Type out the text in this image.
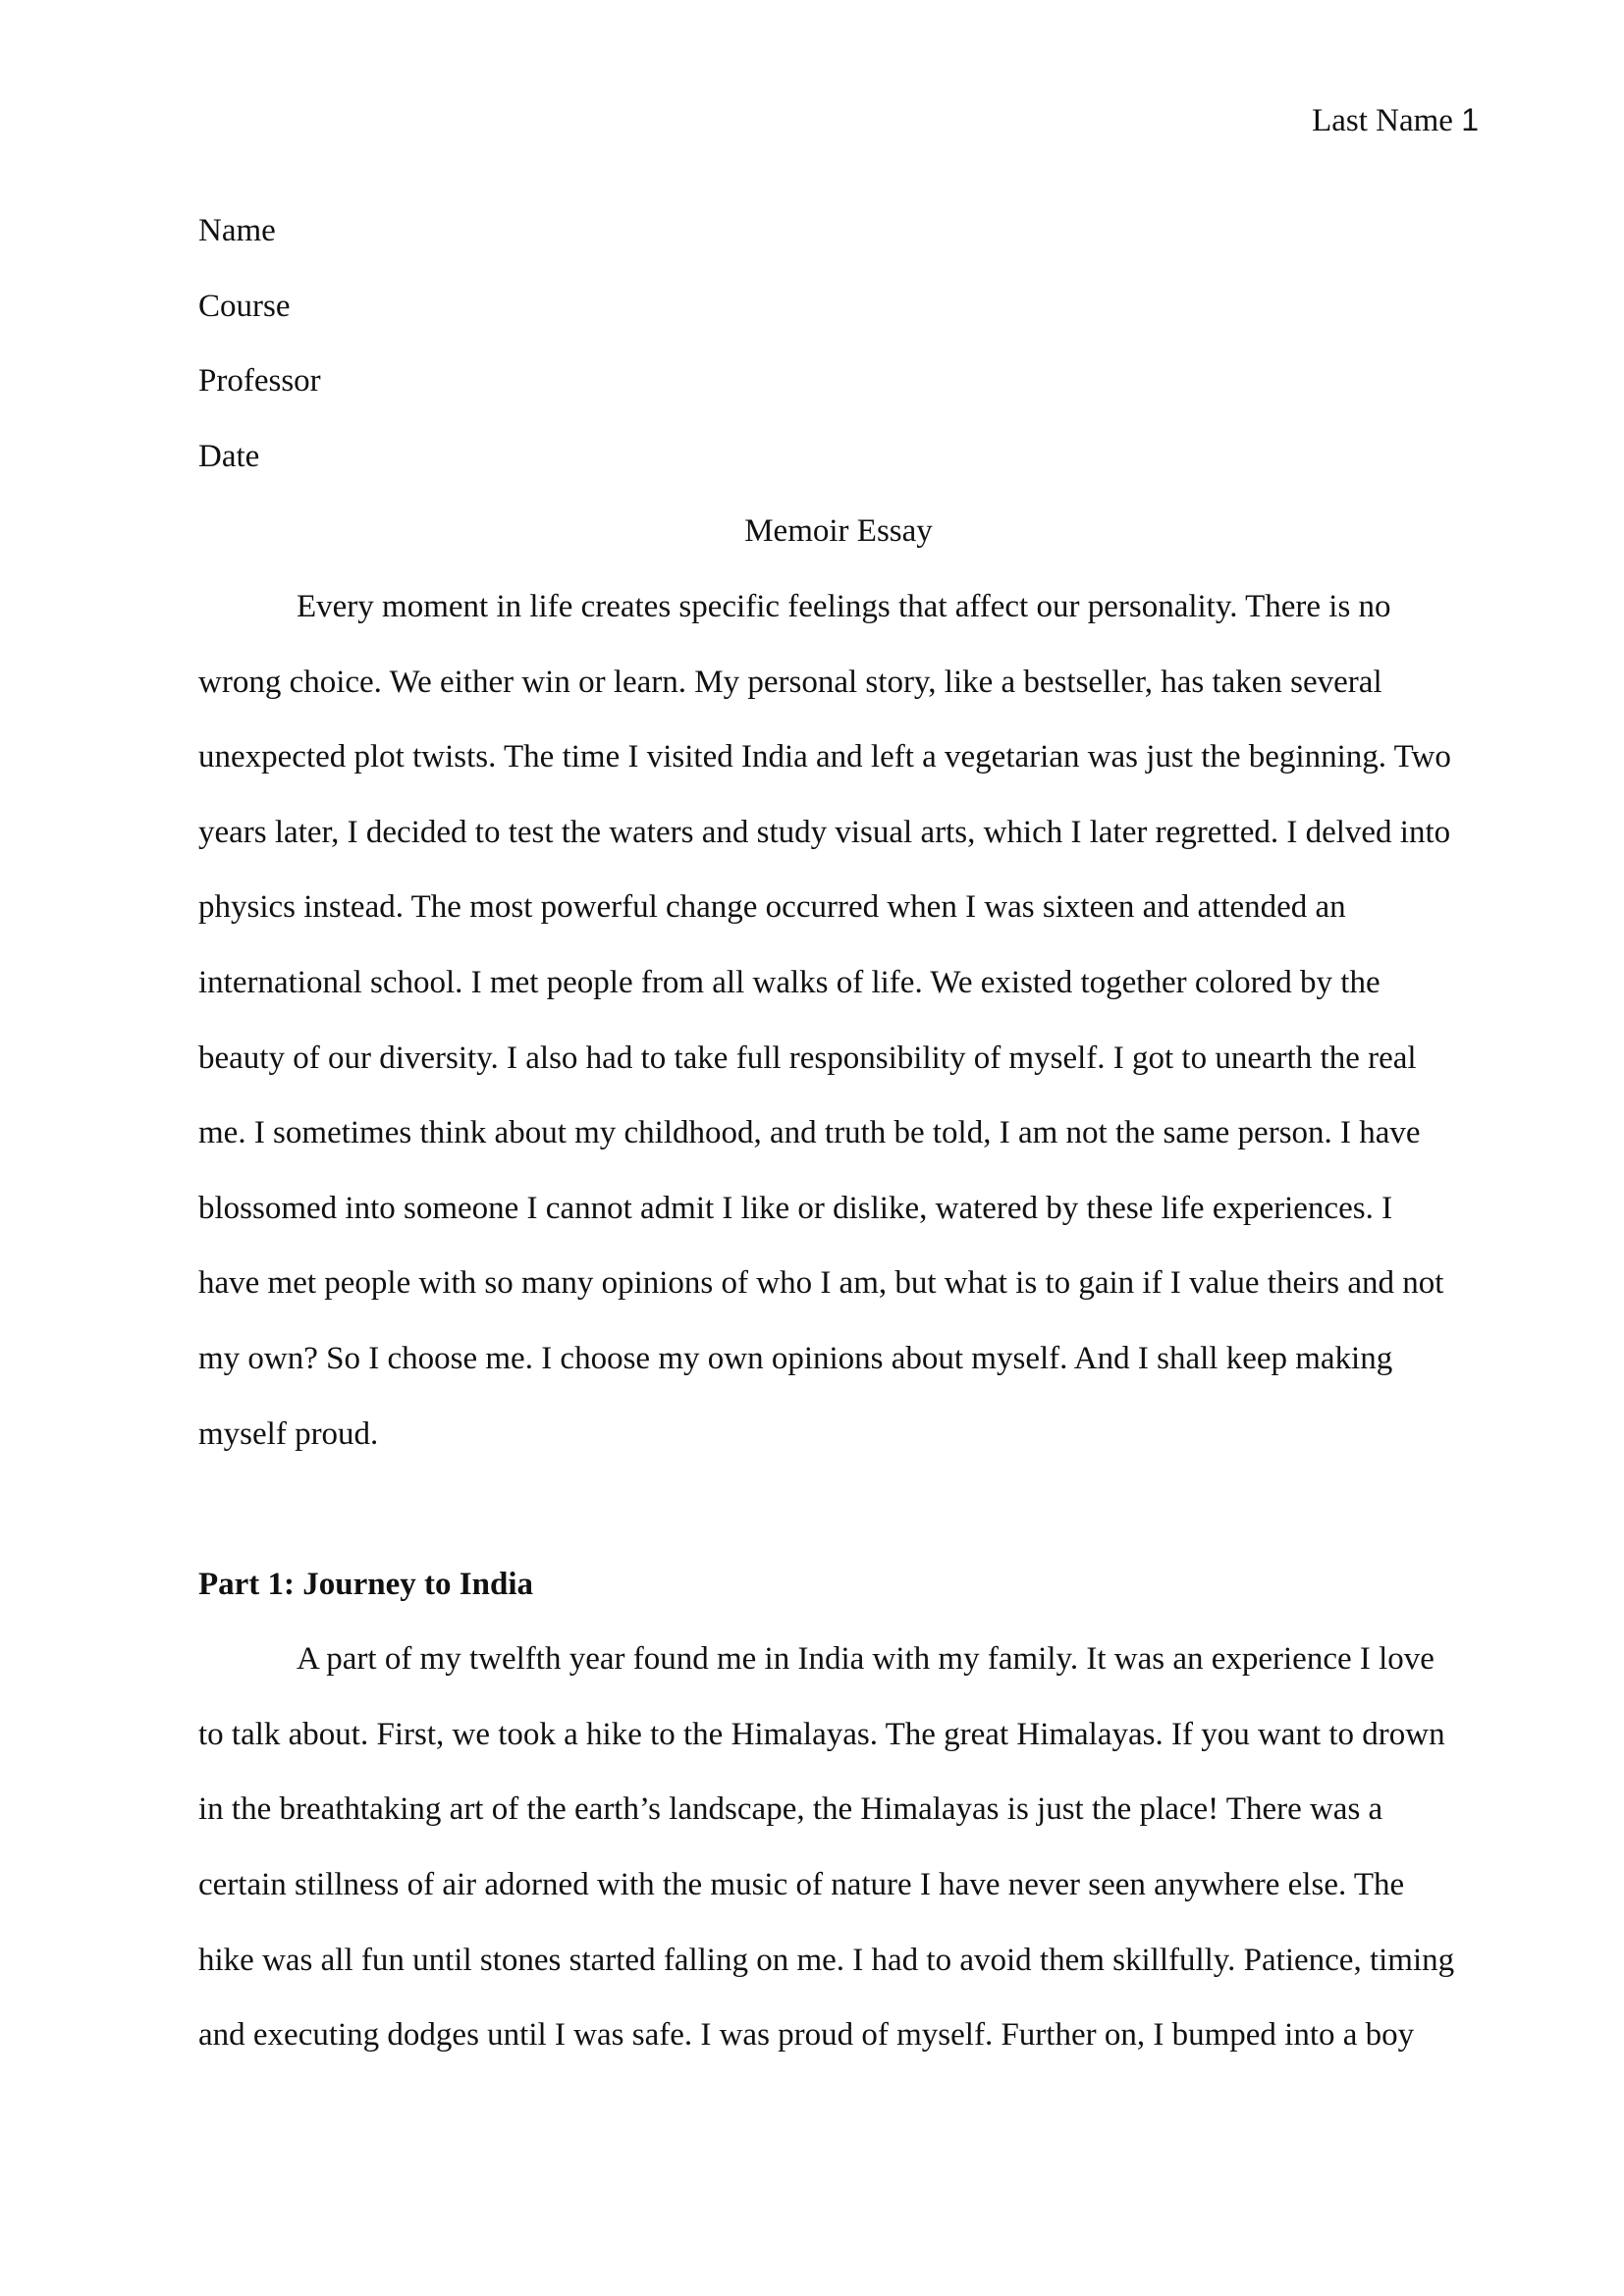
Last Name 1

Name

Course

Professor

Date

Memoir Essay

Every moment in life creates specific feelings that affect our personality. There is no
wrong choice. We either win or learn. My personal story, like a bestseller, has taken several
unexpected plot twists. The time I visited India and left a vegetarian was just the beginning. Two
years later, I decided to test the waters and study visual arts, which I later regretted. I delved into
physics instead. The most powerful change occurred when I was sixteen and attended an
international school. I met people from all walks of life. We existed together colored by the
beauty of our diversity. I also had to take full responsibility of myself. I got to unearth the real
me. I sometimes think about my childhood, and truth be told, I am not the same person. I have
blossomed into someone I cannot admit I like or dislike, watered by these life experiences. I
have met people with so many opinions of who I am, but what is to gain if I value theirs and not
my own? So I choose me. I choose my own opinions about myself. And I shall keep making
myself proud.

Part 1: Journey to India

A part of my twelfth year found me in India with my family. It was an experience I love
to talk about. First, we took a hike to the Himalayas. The great Himalayas. If you want to drown
in the breathtaking art of the earth’s landscape, the Himalayas is just the place! There was a
certain stillness of air adorned with the music of nature I have never seen anywhere else. The
hike was all fun until stones started falling on me. I had to avoid them skillfully. Patience, timing
and executing dodges until I was safe. I was proud of myself. Further on, I bumped into a boy
